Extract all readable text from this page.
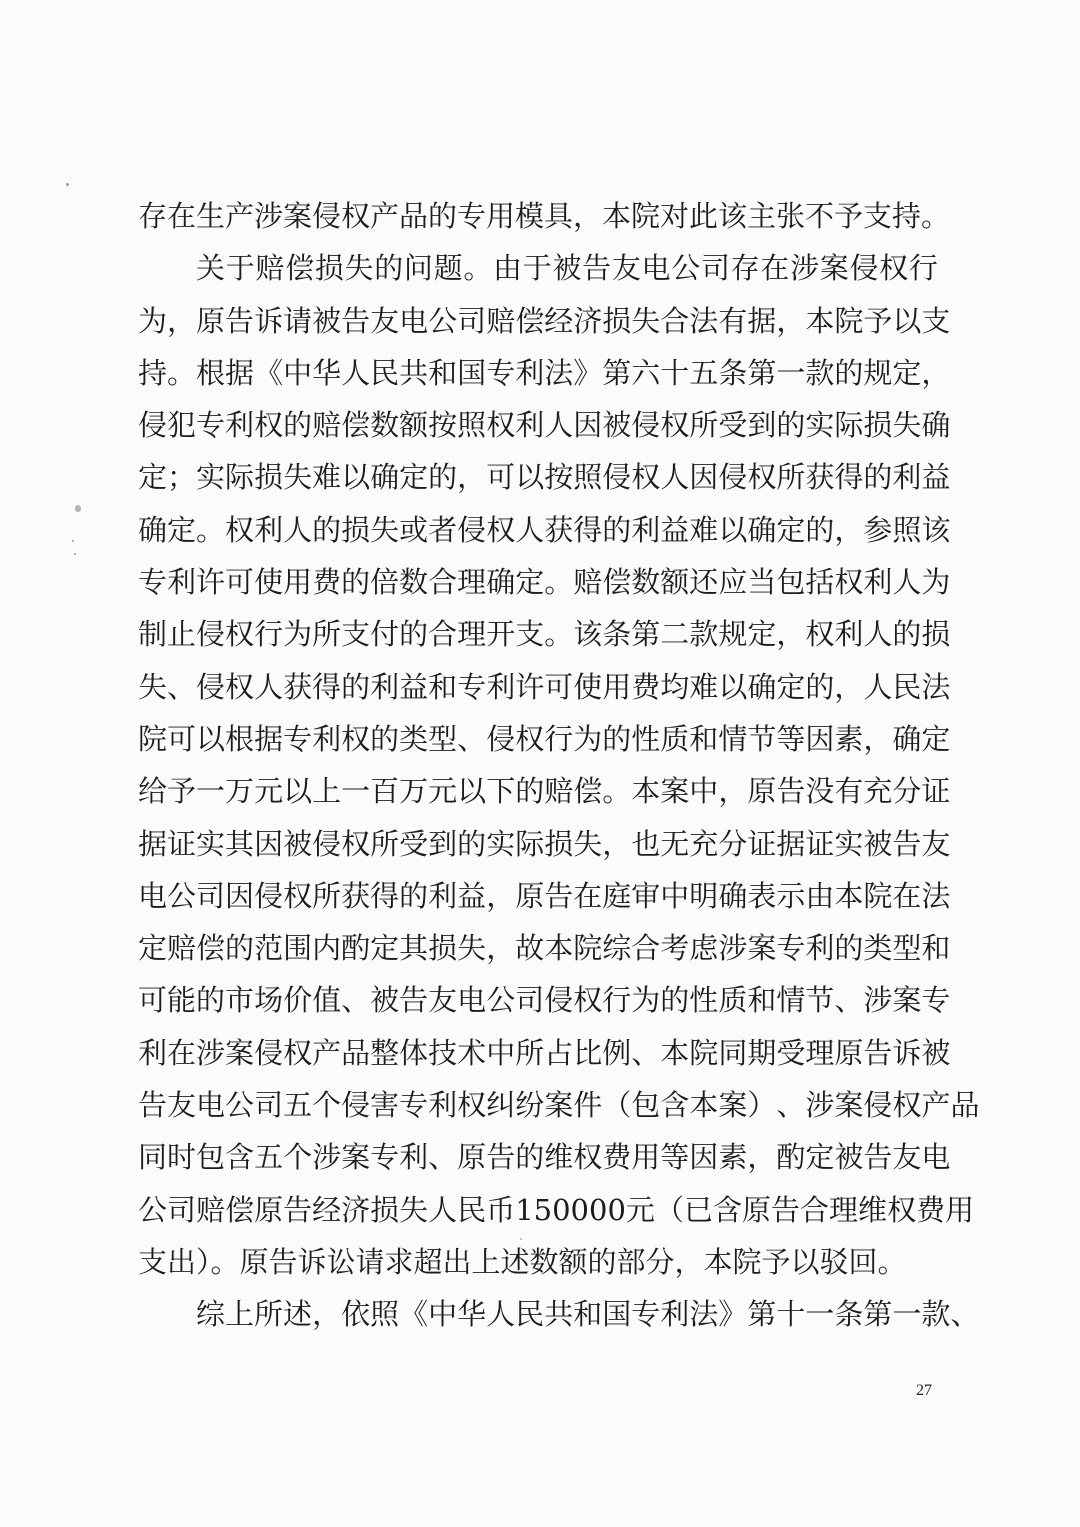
存在生产涉案侵权产品的专用模具，本院对此该主张不予支持。
关 于 赔 偿 损 失 的 问 题 。 由 于 被 告 友 电 公 司 存 在 涉 案 侵 权 行
为 ， 原 告 诉 请 被 告 友 电 公 司 赔 偿 经 济 损 失 合 法 有 据 ， 本 院 予 以 支
持 。 根 据 《 中 华 人 民 共 和 国 专 利 法 》 第 六 十 五 条 第 一 款 的 规 定 ，
侵 犯 专 利 权 的 赔 偿 数 额 按 照 权 利 人 因 被 侵 权 所 受 到 的 实 际 损 失 确
定 ； 实 际 损 失 难 以 确 定 的 ， 可 以 按 照 侵 权 人 因 侵 权 所 获 得 的 利 益
确 定 。 权 利 人 的 损 失 或 者 侵 权 人 获 得 的 利 益 难 以 确 定 的 ， 参 照 该
专 利 许 可 使 用 费 的 倍 数 合 理 确 定 。 赔 偿 数 额 还 应 当 包 括 权 利 人 为
制 止 侵 权 行 为 所 支 付 的 合 理 开 支 。 该 条 第 二 款 规 定 ， 权 利 人 的 损
失 、 侵 权 人 获 得 的 利 益 和 专 利 许 可 使 用 费 均 难 以 确 定 的 ， 人 民 法
院 可 以 根 据 专 利 权 的 类 型 、 侵 权 行 为 的 性 质 和 情 节 等 因 素 ， 确 定
给 予 一 万 元 以 上 一 百 万 元 以 下 的 赔 偿 。 本 案 中 ， 原 告 没 有 充 分 证
据 证 实 其 因 被 侵 权 所 受 到 的 实 际 损 失 ， 也 无 充 分 证 据 证 实 被 告 友
电 公 司 因 侵 权 所 获 得 的 利 益 ， 原 告 在 庭 审 中 明 确 表 示 由 本 院 在 法
定 赔 偿 的 范 围 内 酌 定 其 损 失 ， 故 本 院 综 合 考 虑 涉 案 专 利 的 类 型 和
可 能 的 市 场 价 值 、 被 告 友 电 公 司 侵 权 行 为 的 性 质 和 情 节 、 涉 案 专
利 在 涉 案 侵 权 产 品 整 体 技 术 中 所 占 比 例 、 本 院 同 期 受 理 原 告 诉 被
告 友 电 公 司 五 个 侵 害 专 利 权 纠 纷 案 件 （ 包 含 本 案 ） 、 涉 案 侵 权 产 品
同 时 包 含 五 个 涉 案 专 利 、 原 告 的 维 权 费 用 等 因 素 ， 酌 定 被 告 友 电
公 司 赔 偿 原 告 经 济 损 失 人 民 币 150000 元 （ 已 含 原 告 合 理 维 权 费 用
支出）。原告诉讼请求超出上述数额的部分，本院予以驳回。
综 上 所 述 ， 依 照 《 中 华 人 民 共 和 国 专 利 法 》 第 十 一 条 第 一 款 、
27
